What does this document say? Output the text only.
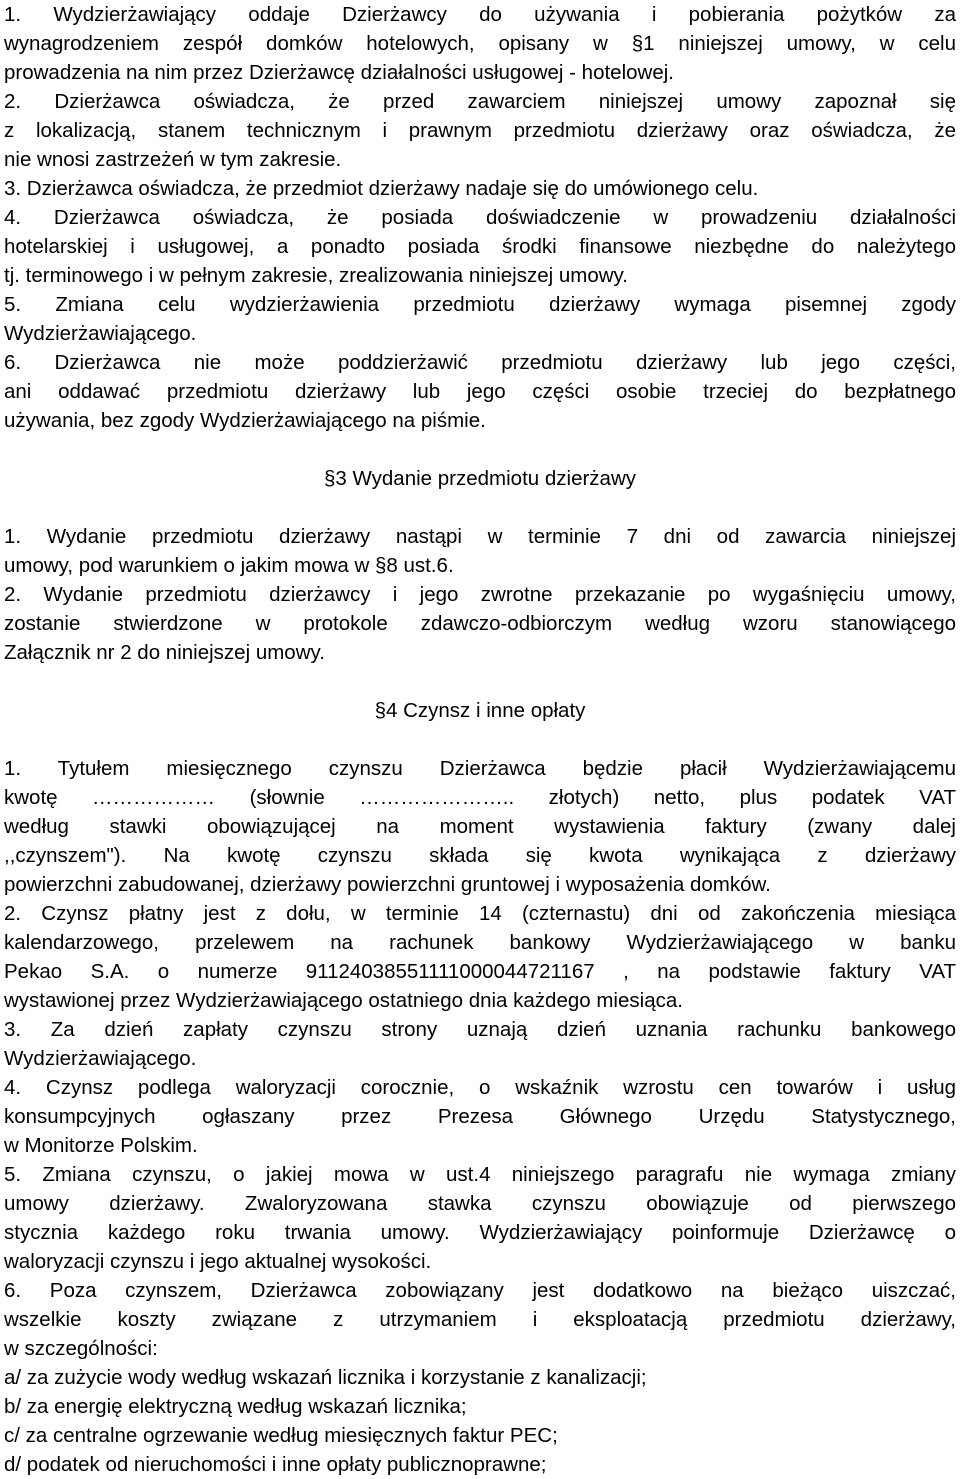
1. Wydzierżawiający oddaje Dzierżawcy do używania i pobierania pożytków za
wynagrodzeniem zespół domków hotelowych, opisany w §1 niniejszej umowy, w celu
prowadzenia na nim przez Dzierżawcę działalności usługowej - hotelowej.
2. Dzierżawca oświadcza, że przed zawarciem niniejszej umowy zapoznał się
z lokalizacją, stanem technicznym i prawnym przedmiotu dzierżawy oraz oświadcza, że
nie wnosi zastrzeżeń w tym zakresie.
3. Dzierżawca oświadcza, że przedmiot dzierżawy nadaje się do umówionego celu.
4. Dzierżawca oświadcza, że posiada doświadczenie w prowadzeniu działalności
hotelarskiej i usługowej, a ponadto posiada środki finansowe niezbędne do należytego
tj. terminowego i w pełnym zakresie, zrealizowania niniejszej umowy.
5. Zmiana celu wydzierżawienia przedmiotu dzierżawy wymaga pisemnej zgody
Wydzierżawiającego.
6. Dzierżawca nie może poddzierżawić przedmiotu dzierżawy lub jego części,
ani oddawać przedmiotu dzierżawy lub jego części osobie trzeciej do bezpłatnego
używania, bez zgody Wydzierżawiającego na piśmie.
§3 Wydanie przedmiotu dzierżawy
1. Wydanie przedmiotu dzierżawy nastąpi w terminie 7 dni od zawarcia niniejszej
umowy, pod warunkiem o jakim mowa w §8 ust.6.
2. Wydanie przedmiotu dzierżawcy i jego zwrotne przekazanie po wygaśnięciu umowy,
zostanie stwierdzone w protokole zdawczo-odbiorczym według wzoru stanowiącego
Załącznik nr 2 do niniejszej umowy.
§4 Czynsz i inne opłaty
1. Tytułem miesięcznego czynszu Dzierżawca będzie płacił Wydzierżawiającemu
kwotę ……………… (słownie ………………….. złotych) netto, plus podatek VAT
według stawki obowiązującej na moment wystawienia faktury (zwany dalej
,,czynszem"). Na kwotę czynszu składa się kwota wynikająca z dzierżawy
powierzchni zabudowanej, dzierżawy powierzchni gruntowej i wyposażenia domków.
2. Czynsz płatny jest z dołu, w terminie 14 (czternastu) dni od zakończenia miesiąca
kalendarzowego, przelewem na rachunek bankowy Wydzierżawiającego w banku
Pekao S.A. o numerze 91124038551111000044721167 , na podstawie faktury VAT
wystawionej przez Wydzierżawiającego ostatniego dnia każdego miesiąca.
3. Za dzień zapłaty czynszu strony uznają dzień uznania rachunku bankowego
Wydzierżawiającego.
4. Czynsz podlega waloryzacji corocznie, o wskaźnik wzrostu cen towarów i usług
konsumpcyjnych ogłaszany przez Prezesa Głównego Urzędu Statystycznego,
w Monitorze Polskim.
5. Zmiana czynszu, o jakiej mowa w ust.4 niniejszego paragrafu nie wymaga zmiany
umowy dzierżawy. Zwaloryzowana stawka czynszu obowiązuje od pierwszego
stycznia każdego roku trwania umowy. Wydzierżawiający poinformuje Dzierżawcę o
waloryzacji czynszu i jego aktualnej wysokości.
6. Poza czynszem, Dzierżawca zobowiązany jest dodatkowo na bieżąco uiszczać,
wszelkie koszty związane z utrzymaniem i eksploatacją przedmiotu dzierżawy,
w szczególności:
a/ za zużycie wody według wskazań licznika i korzystanie z kanalizacji;
b/ za energię elektryczną według wskazań licznika;
c/ za centralne ogrzewanie według miesięcznych faktur PEC;
d/ podatek od nieruchomości i inne opłaty publicznoprawne;
